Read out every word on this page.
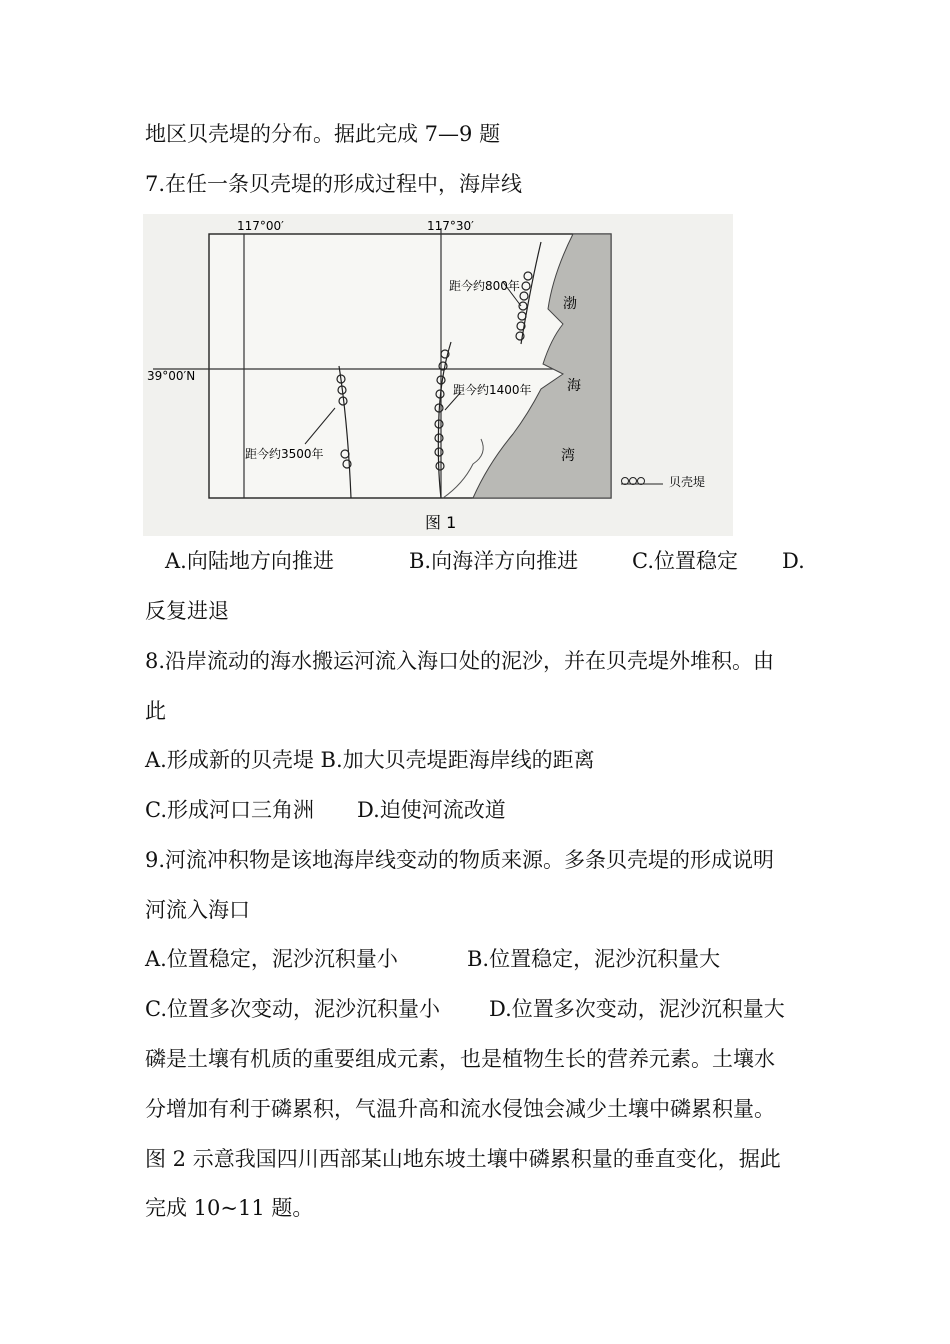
地区贝壳堤的分布。据此完成 7—9 题
7.在任一条贝壳堤的形成过程中，海岸线
117°00′	117°30′
39°00′N
距今约800年
距今约1400年
距今约3500年
渤
海
湾
贝壳堤
图 1
A.向陆地方向推进	B.向海洋方向推进	C.位置稳定 D.
反复进退
8.沿岸流动的海水搬运河流入海口处的泥沙，并在贝壳堤外堆积。由
此
A.形成新的贝壳堤 B.加大贝壳堤距海岸线的距离
C.形成河口三角洲 D.迫使河流改道
9.河流冲积物是该地海岸线变动的物质来源。多条贝壳堤的形成说明
河流入海口
A.位置稳定，泥沙沉积量小	B.位置稳定，泥沙沉积量大
C.位置多次变动，泥沙沉积量小 D.位置多次变动，泥沙沉积量大
磷是土壤有机质的重要组成元素，也是植物生长的营养元素。土壤水
分增加有利于磷累积，气温升高和流水侵蚀会减少土壤中磷累积量。
图 2 示意我国四川西部某山地东坡土壤中磷累积量的垂直变化，据此
完成 10~11 题。
